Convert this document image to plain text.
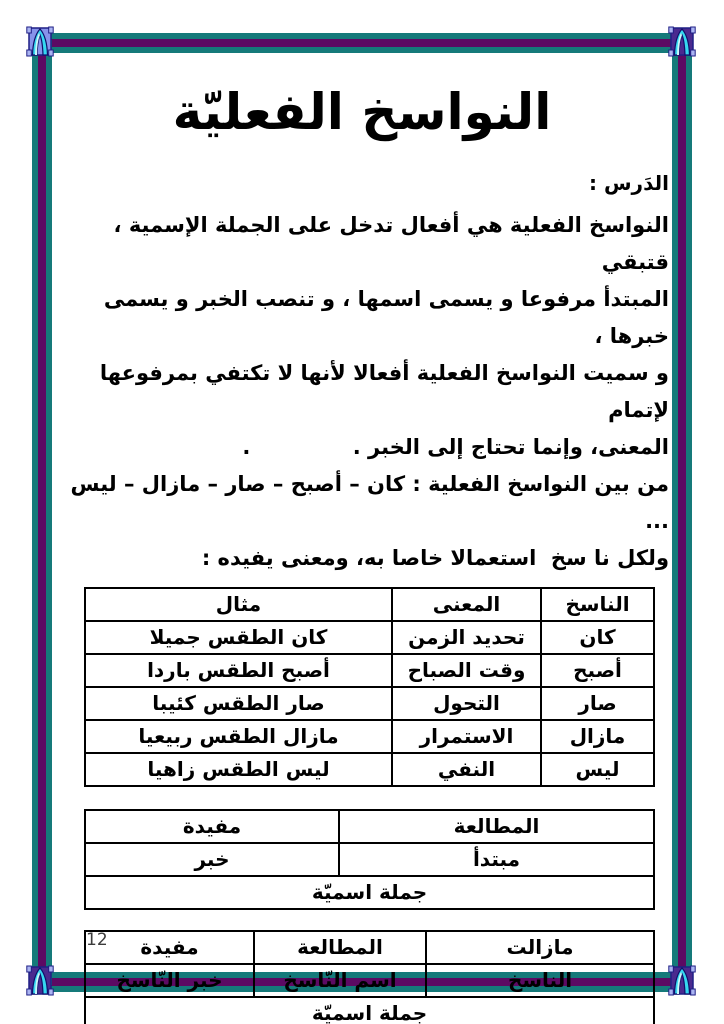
النواسخ الفعليّة
الدَرس :
النواسخ الفعلية هي أفعال تدخل على الجملة الإسمية ، قتبقي
المبتدأ مرفوعا و يسمى اسمها ، و تنصب الخبر و يسمى خبرها ،
و سميت النواسخ الفعلية أفعالا لأنها لا تكتفي بمرفوعها لإتمام
المعنى، وإنما تحتاج إلى الخبر .              .
من بين النواسخ الفعلية : كان – أصبح – صار – مازال – ليس ...
ولكل نا سخ  استعمالا خاصا به، ومعنى يفيده :
الناسخ	المعنى	مثال
كان	تحديد الزمن	كان الطقس جميلا
أصبح	وقت الصباح	أصبح الطقس باردا
صار	التحول	صار الطقس كئيبا
مازال	الاستمرار	مازال الطقس ربيعيا
ليس	النفي	ليس الطقس زاهيا
المطالعة	مفيدة
مبتدأ	خبر
جملة اسميّة	
مازالت	المطالعة	مفيدة
الناسخ	اسم النّاسخ	خبر النّاسخ
جملة اسميّة		
12
